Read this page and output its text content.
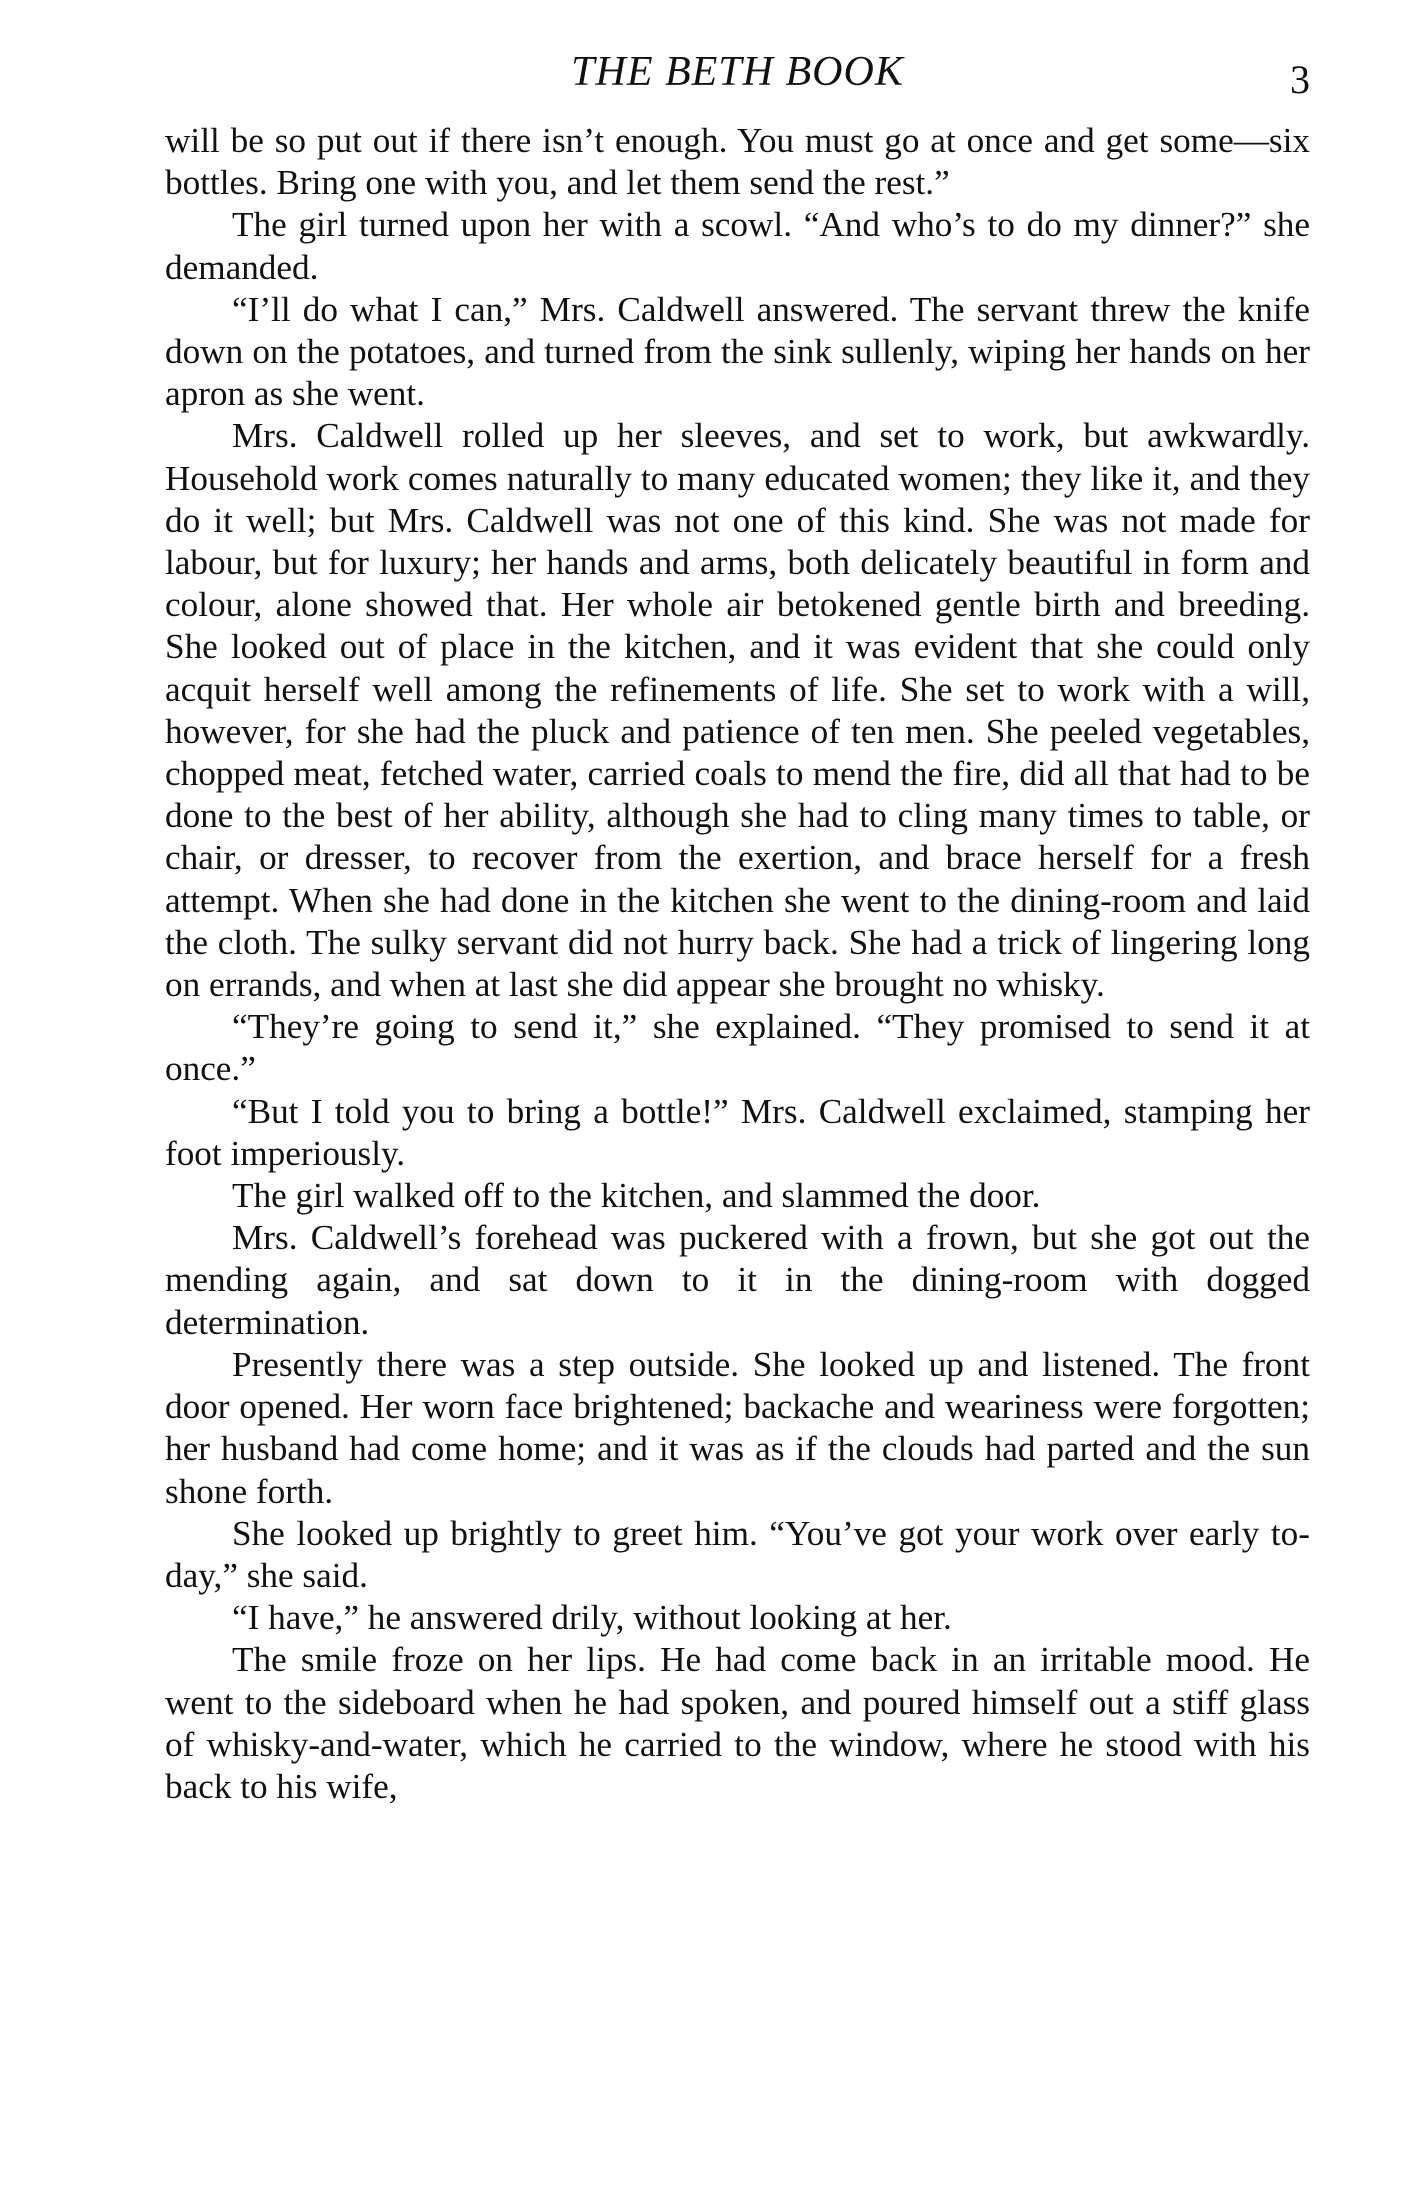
THE BETH BOOK	3

will be so put out if there isn’t enough. You must go at once and get some—six bottles. Bring one with you, and let them send the rest.”

The girl turned upon her with a scowl. “And who’s to do my dinner?” she demanded.

“I’ll do what I can,” Mrs. Caldwell answered. The servant threw the knife down on the potatoes, and turned from the sink sullenly, wiping her hands on her apron as she went.

Mrs. Caldwell rolled up her sleeves, and set to work, but awkwardly. Household work comes naturally to many educated women; they like it, and they do it well; but Mrs. Caldwell was not one of this kind. She was not made for labour, but for luxury; her hands and arms, both delicately beautiful in form and colour, alone showed that. Her whole air betokened gentle birth and breeding. She looked out of place in the kitchen, and it was evident that she could only acquit herself well among the refinements of life. She set to work with a will, however, for she had the pluck and patience of ten men. She peeled vegetables, chopped meat, fetched water, carried coals to mend the fire, did all that had to be done to the best of her ability, although she had to cling many times to table, or chair, or dresser, to recover from the exertion, and brace herself for a fresh attempt. When she had done in the kitchen she went to the dining-room and laid the cloth. The sulky servant did not hurry back. She had a trick of lingering long on errands, and when at last she did appear she brought no whisky.

“They’re going to send it,” she explained. “They promised to send it at once.”

“But I told you to bring a bottle!” Mrs. Caldwell exclaimed, stamping her foot imperiously.

The girl walked off to the kitchen, and slammed the door.

Mrs. Caldwell’s forehead was puckered with a frown, but she got out the mending again, and sat down to it in the dining-room with dogged determination.

Presently there was a step outside. She looked up and listened. The front door opened. Her worn face brightened; backache and weariness were forgotten; her husband had come home; and it was as if the clouds had parted and the sun shone forth.

She looked up brightly to greet him. “You’ve got your work over early to-day,” she said.

“I have,” he answered drily, without looking at her.

The smile froze on her lips. He had come back in an irritable mood. He went to the sideboard when he had spoken, and poured himself out a stiff glass of whisky-and-water, which he carried to the window, where he stood with his back to his wife,
